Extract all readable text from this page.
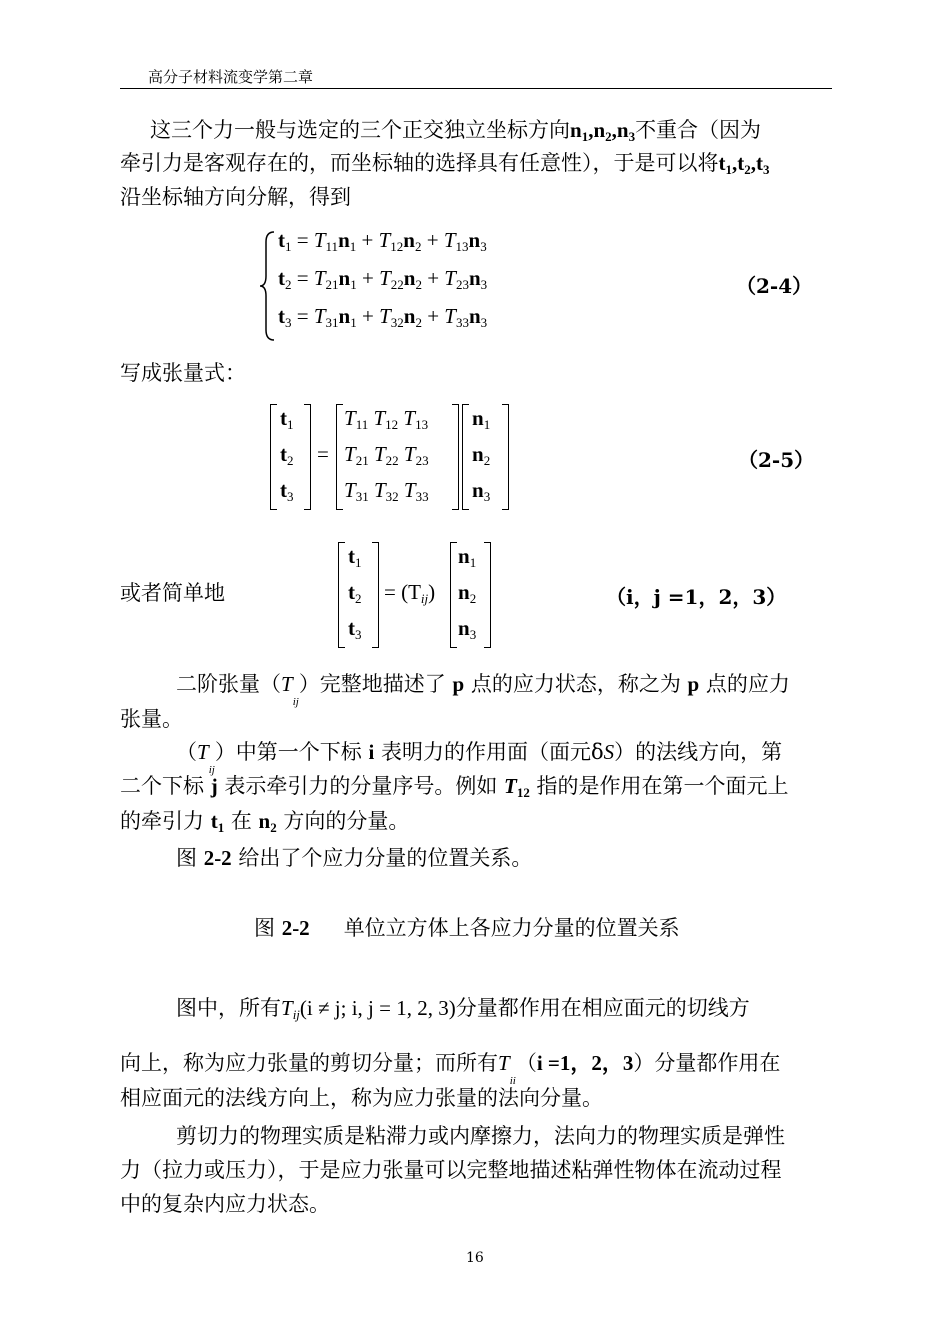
高分子材料流变学第二章
这三个力一般与选定的三个正交独立坐标方向$n_1,n_2,n_3$不重合（因为
牵引力是客观存在的，而坐标轴的选择具有任意性），于是可以将$t_1,t_2,t_3$
沿坐标轴方向分解，得到
$t_1 = T_{11}n_1 + T_{12}n_2 + T_{13}n_3$
$t_2 = T_{21}n_1 + T_{22}n_2 + T_{23}n_3$
$t_3 = T_{31}n_1 + T_{32}n_2 + T_{33}n_3$
（2-4）
写成张量式：
$t_1$
$t_2$
$t_3$
=
$T_{11}$ $T_{12}$ $T_{13}$
$T_{21}$ $T_{22}$ $T_{23}$
$T_{31}$ $T_{32}$ $T_{33}$
$n_1$
$n_2$
$n_3$
（2-5）
或者简单地
$t_1$
$t_2$
$t_3$
= $(T_{ij})$
$n_1$
$n_2$
$n_3$
（i，j =1，2，3）
二阶张量$(T_{ij})$完整地描述了 p 点的应力状态，称之为 p 点的应力
张量。
$(T_{ij})$中第一个下标 i 表明力的作用面（面元δS）的法线方向，第
二个下标 j 表示牵引力的分量序号。例如 $T_{12}$ 指的是作用在第一个面元上
的牵引力 $t_1$ 在 $n_2$ 方向的分量。
图 2-2 给出了个应力分量的位置关系。
图 2-2 单位立方体上各应力分量的位置关系
图中，所有$T_{ij}(i \ne j$; i, j = 1, 2, 3)分量都作用在相应面元的切线方
向上，称为应力张量的剪切分量；而所有$T_{ii}(i =1$，2，3）分量都作用在
相应面元的法线方向上，称为应力张量的法向分量。
剪切力的物理实质是粘滞力或内摩擦力，法向力的物理实质是弹性
力（拉力或压力），于是应力张量可以完整地描述粘弹性物体在流动过程
中的复杂内应力状态。
16
